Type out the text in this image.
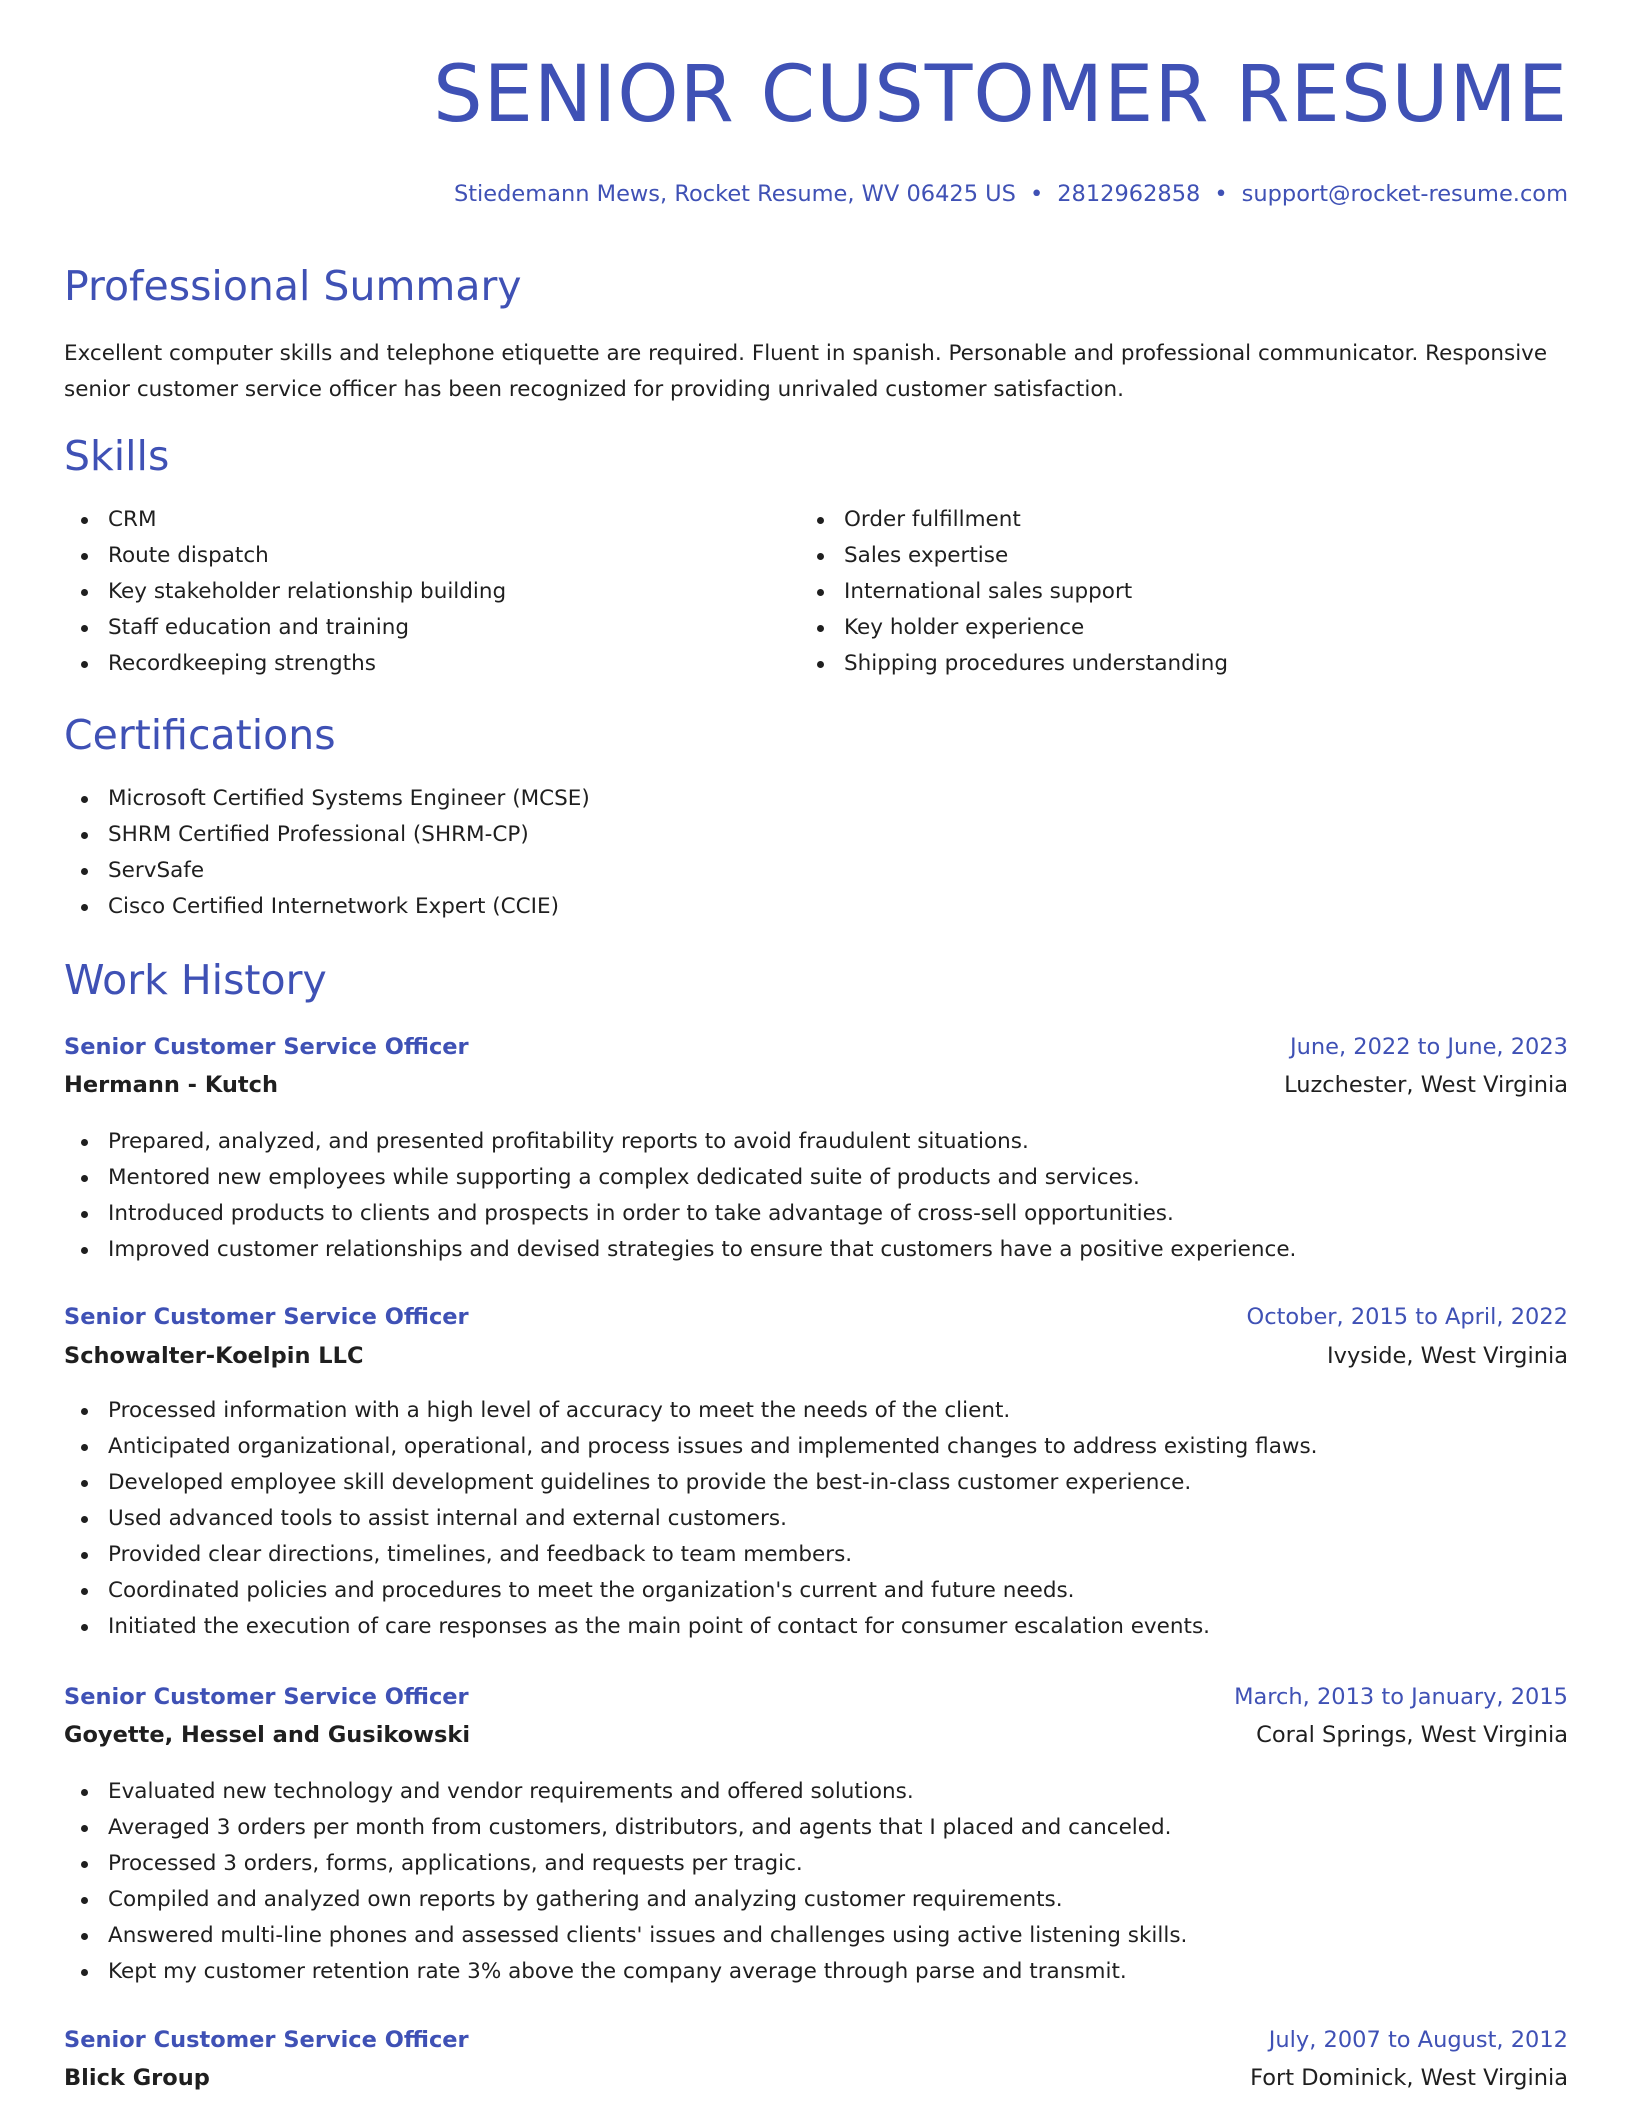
SENIOR CUSTOMER RESUME
Stiedemann Mews, Rocket Resume, WV 06425 US • 2812962858 • support@rocket-resume.com
Professional Summary

Excellent computer skills and telephone etiquette are required. Fluent in spanish. Personable and professional communicator. Responsive senior customer service officer has been recognized for providing unrivaled customer satisfaction.

Skills
CRM
Route dispatch
Key stakeholder relationship building
Staff education and training
Recordkeeping strengths
Order fulfillment
Sales expertise
International sales support
Key holder experience
Shipping procedures understanding
Certifications
Microsoft Certified Systems Engineer (MCSE)
SHRM Certified Professional (SHRM-CP)
ServSafe
Cisco Certified Internetwork Expert (CCIE)
Work History
Senior Customer Service Officer	June, 2022 to June, 2023
Hermann - Kutch	Luzchester, West Virginia
Prepared, analyzed, and presented profitability reports to avoid fraudulent situations.
Mentored new employees while supporting a complex dedicated suite of products and services.
Introduced products to clients and prospects in order to take advantage of cross-sell opportunities.
Improved customer relationships and devised strategies to ensure that customers have a positive experience.
Senior Customer Service Officer	October, 2015 to April, 2022
Schowalter-Koelpin LLC	Ivyside, West Virginia
Processed information with a high level of accuracy to meet the needs of the client.
Anticipated organizational, operational, and process issues and implemented changes to address existing flaws.
Developed employee skill development guidelines to provide the best-in-class customer experience.
Used advanced tools to assist internal and external customers.
Provided clear directions, timelines, and feedback to team members.
Coordinated policies and procedures to meet the organization's current and future needs.
Initiated the execution of care responses as the main point of contact for consumer escalation events.
Senior Customer Service Officer	March, 2013 to January, 2015
Goyette, Hessel and Gusikowski	Coral Springs, West Virginia
Evaluated new technology and vendor requirements and offered solutions.
Averaged 3 orders per month from customers, distributors, and agents that I placed and canceled.
Processed 3 orders, forms, applications, and requests per tragic.
Compiled and analyzed own reports by gathering and analyzing customer requirements.
Answered multi-line phones and assessed clients' issues and challenges using active listening skills.
Kept my customer retention rate 3% above the company average through parse and transmit.
Senior Customer Service Officer	July, 2007 to August, 2012
Blick Group	Fort Dominick, West Virginia
